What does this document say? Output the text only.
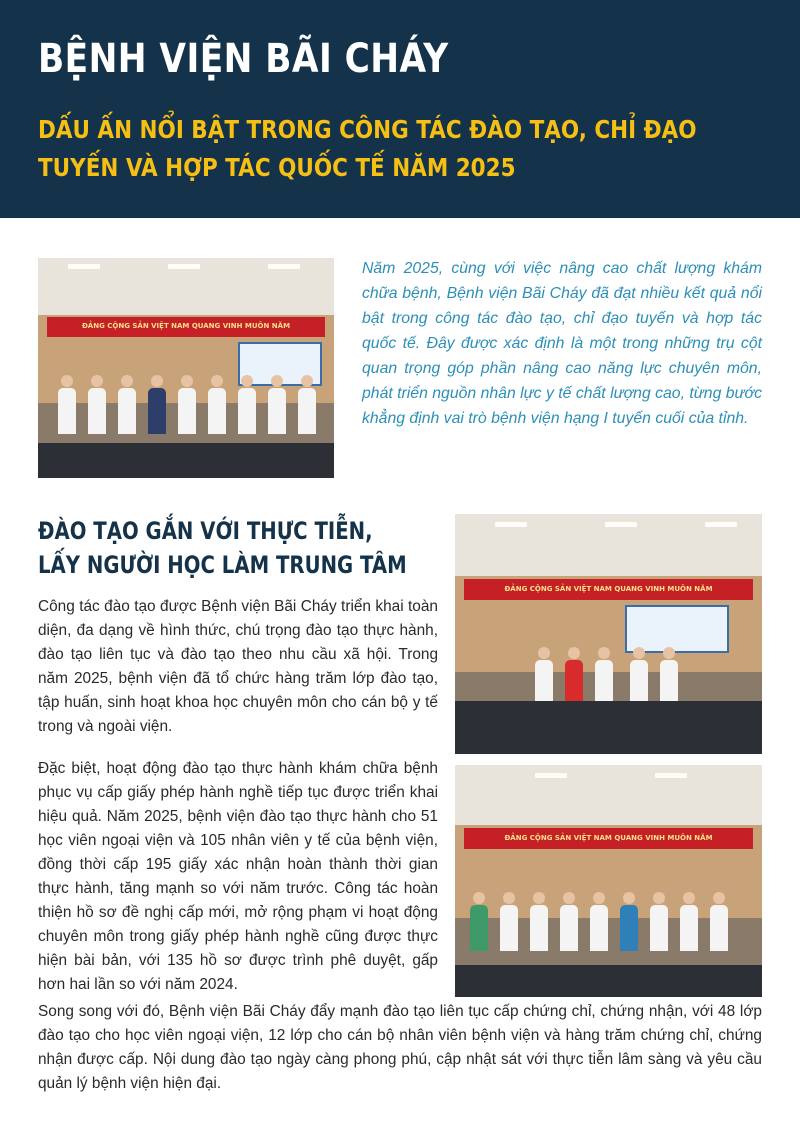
BỆNH VIỆN BÃI CHÁY
DẤU ẤN NỔI BẬT TRONG CÔNG TÁC ĐÀO TẠO, CHỈ ĐẠO TUYẾN VÀ HỢP TÁC QUỐC TẾ NĂM 2025
ĐẢNG CỘNG SẢN VIỆT NAM QUANG VINH MUÔN NĂM
Năm 2025, cùng với việc nâng cao chất lượng khám chữa bệnh, Bệnh viện Bãi Cháy đã đạt nhiều kết quả nổi bật trong công tác đào tạo, chỉ đạo tuyến và hợp tác quốc tế. Đây được xác định là một trong những trụ cột quan trọng góp phần nâng cao năng lực chuyên môn, phát triển nguồn nhân lực y tế chất lượng cao, từng bước khẳng định vai trò bệnh viện hạng I tuyến cuối của tỉnh.
ĐÀO TẠO GẮN VỚI THỰC TIỄN, LẤY NGƯỜI HỌC LÀM TRUNG TÂM
Công tác đào tạo được Bệnh viện Bãi Cháy triển khai toàn diện, đa dạng về hình thức, chú trọng đào tạo thực hành, đào tạo liên tục và đào tạo theo nhu cầu xã hội. Trong năm 2025, bệnh viện đã tổ chức hàng trăm lớp đào tạo, tập huấn, sinh hoạt khoa học chuyên môn cho cán bộ y tế trong và ngoài viện.
Đặc biệt, hoạt động đào tạo thực hành khám chữa bệnh phục vụ cấp giấy phép hành nghề tiếp tục được triển khai hiệu quả. Năm 2025, bệnh viện đào tạo thực hành cho 51 học viên ngoại viện và 105 nhân viên y tế của bệnh viện, đồng thời cấp 195 giấy xác nhận hoàn thành thời gian thực hành, tăng mạnh so với năm trước. Công tác hoàn thiện hồ sơ đề nghị cấp mới, mở rộng phạm vi hoạt động chuyên môn trong giấy phép hành nghề cũng được thực hiện bài bản, với 135 hồ sơ được trình phê duyệt, gấp hơn hai lần so với năm 2024.
Song song với đó, Bệnh viện Bãi Cháy đẩy mạnh đào tạo liên tục cấp chứng chỉ, chứng nhận, với 48 lớp đào tạo cho học viên ngoại viện, 12 lớp cho cán bộ nhân viên bệnh viện và hàng trăm chứng chỉ, chứng nhận được cấp. Nội dung đào tạo ngày càng phong phú, cập nhật sát với thực tiễn lâm sàng và yêu cầu quản lý bệnh viện hiện đại.
ĐẢNG CỘNG SẢN VIỆT NAM QUANG VINH MUÔN NĂM
ĐẢNG CỘNG SẢN VIỆT NAM QUANG VINH MUÔN NĂM
